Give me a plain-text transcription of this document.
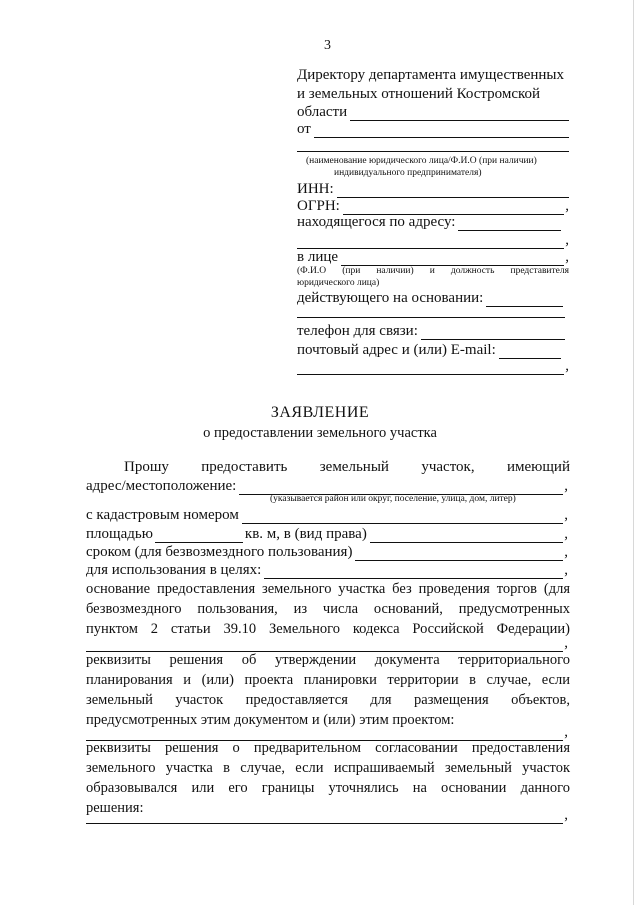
3
Директору департамента имущественных
и земельных отношений Костромской
области
от
(наименование юридического лица/Ф.И.О (при наличии)
индивидуального предпринимателя)
ИНН:
ОГРН:	,
находящегося по адресу:
,
в лице	,
(Ф.И.О (при наличии) и должность представителя
юридического лица)
действующего на основании:
телефон для связи:
почтовый адрес и (или) E-mail:
,
ЗАЯВЛЕНИЕ
о предоставлении земельного участка
Прошу предоставить земельный участок, имеющий
адрес/местоположение:	,
(указывается район или округ, поселение, улица, дом, литер)
с кадастровым номером	,
площадью	кв. м, в (вид права)	,
сроком (для безвозмездного пользования)	,
для использования в целях:	,
основание предоставления земельного участка без проведения торгов (для
безвозмездного пользования, из числа оснований, предусмотренных
пунктом 2 статьи 39.10 Земельного кодекса Российской Федерации)
,
реквизиты решения об утверждении документа территориального
планирования и (или) проекта планировки территории в случае, если
земельный участок предоставляется для размещения объектов,
предусмотренных этим документом и (или) этим проектом:
,
реквизиты решения о предварительном согласовании предоставления
земельного участка в случае, если испрашиваемый земельный участок
образовывался или его границы уточнялись на основании данного
решения:	,
